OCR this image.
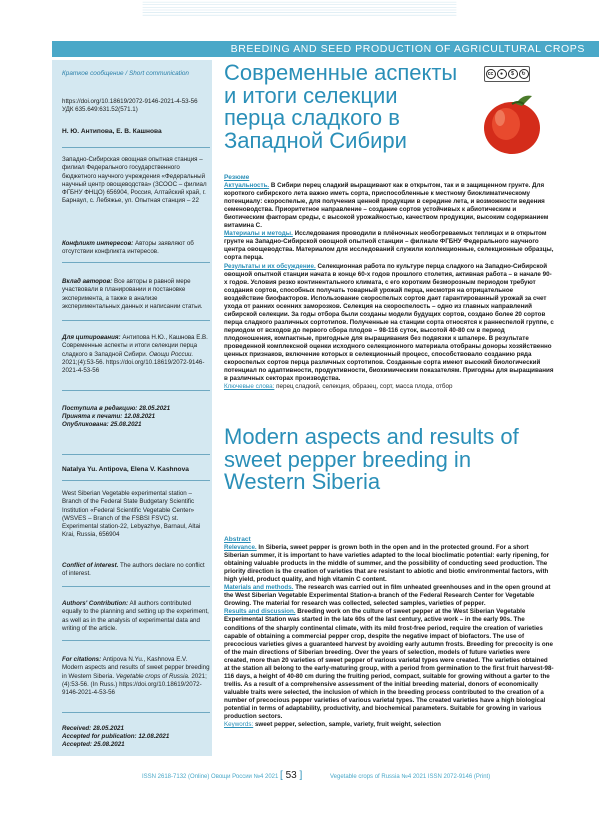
BREEDING AND SEED PRODUCTION OF AGRICULTURAL CROPS
Краткое сообщение / Short communication
https://doi.org/10.18619/2072-9146-2021-4-53-56
УДК 635.649:631.52(571.1)
Н. Ю. Антипова, Е. В. Кашнова
Западно-Сибирская овощная опытная станция – филиал Федерального государственного бюджетного научного учреждения «Федеральный научный центр овощеводства» (ЗСООС – филиал ФГБНУ ФНЦО) 656904, Россия, Алтайский край, г. Барнаул, с. Лебяжье, ул. Опытная станция – 22
Конфликт интересов: Авторы заявляют об отсутствии конфликта интересов.
Вклад авторов: Все авторы в равной мере участвовали в планировании и постановке эксперимента, а также в анализе экспериментальных данных и написании статьи.
Для цитирования: Антипова Н.Ю., Кашнова Е.В. Современные аспекты и итоги селекции перца сладкого в Западной Сибири. Овощи России. 2021;(4):53-56. https://doi.org/10.18619/2072-9146-2021-4-53-56
Поступила в редакцию: 28.05.2021
Принята к печати: 12.08.2021
Опубликована: 25.08.2021
Natalya Yu. Antipova, Elena V. Kashnova
West Siberian Vegetable experimental station – Branch of the Federal State Budgetary Scientific Institution «Federal Scientific Vegetable Center» (WSVES – Branch of the FSBSI FSVC) st. Experimental station-22, Lebyazhye, Barnaul, Altai Krai, Russia, 656904
Conflict of interest. The authors declare no conflict of interest.
Authors' Contribution: All authors contributed equally to the planning and setting up the experiment, as well as in the analysis of experimental data and writing of the article.
For citations: Antipova N.Yu., Kashnova E.V. Modern aspects and results of sweet pepper breeding in Western Siberia. Vegetable crops of Russia. 2021;(4):53-56. (In Russ.) https://doi.org/10.18619/2072-9146-2021-4-53-56
Received: 28.05.2021
Accepted for publication: 12.08.2021
Accepted: 25.08.2021
Современные аспекты и итоги селекции перца сладкого в Западной Сибири
cc	●	$	↻
Резюме
Актуальность. В Сибири перец сладкий выращивают как в открытом, так и в защищенном грунте. Для короткого сибирского лета важно иметь сорта, приспособленные к местному биоклиматическому потенциалу: скороспелые, для получения ценной продукции в середине лета, и возможности ведения семеноводства. Приоритетное направление – создание сортов устойчивых к абиотическим и биотическим факторам среды, с высокой урожайностью, качеством продукции, высоким содержанием витамина С.
Материалы и методы. Исследования проводили в плёночных необогреваемых теплицах и в открытом грунте на Западно-Сибирской овощной опытной станции – филиале ФГБНУ Федерального научного центра овощеводства. Материалом для исследований служили коллекционные, селекционные образцы, сорта перца.
Результаты и их обсуждение. Селекционная работа по культуре перца сладкого на Западно-Сибирской овощной опытной станции начата в конце 60-х годов прошлого столетия, активная работа – в начале 90-х годов. Условия резко континентального климата, с его коротким безморозным периодом требуют создания сортов, способных получать товарный урожай перца, несмотря на отрицательное воздействие биофакторов. Использование скороспелых сортов дает гарантированный урожай за счет ухода от ранних осенних заморозков. Селекция на скороспелость – одно из главных направлений сибирской селекции. За годы отбора были созданы модели будущих сортов, создано более 20 сортов перца сладкого различных сортотипов. Полученные на станции сорта относятся к раннеспелой группе, с периодом от всходов до первого сбора плодов – 98-116 суток, высотой 40-80 см в период плодоношения, компактные, пригодные для выращивания без подвязки к шпалере. В результате проведенной комплексной оценки исходного селекционного материала отобраны доноры хозяйственно ценных признаков, включение которых в селекционный процесс, способствовало созданию ряда скороспелых сортов перца различных сортотипов. Созданные сорта имеют высокий биологический потенциал по адаптивности, продуктивности, биохимическим показателям. Пригодны для выращивания в различных секторах производства.
Ключевые слова: перец сладкий, селекция, образец, сорт, масса плода, отбор
Modern aspects and results of sweet pepper breeding in Western Siberia
Abstract
Relevance. In Siberia, sweet pepper is grown both in the open and in the protected ground. For a short Siberian summer, it is important to have varieties adapted to the local bioclimatic potential: early ripening, for obtaining valuable products in the middle of summer, and the possibility of conducting seed production. The priority direction is the creation of varieties that are resistant to abiotic and biotic environmental factors, with high yield, product quality, and high vitamin C content.
Materials and methods. The research was carried out in film unheated greenhouses and in the open ground at the West Siberian Vegetable Experimental Station-a branch of the Federal Research Center for Vegetable Growing. The material for research was collected, selected samples, varieties of pepper.
Results and discussion. Breeding work on the culture of sweet pepper at the West Siberian Vegetable Experimental Station was started in the late 60s of the last century, active work – in the early 90s. The conditions of the sharply continental climate, with its mild frost-free period, require the creation of varieties capable of obtaining a commercial pepper crop, despite the negative impact of biofactors. The use of precocious varieties gives a guaranteed harvest by avoiding early autumn frosts. Breeding for precocity is one of the main directions of Siberian breeding. Over the years of selection, models of future varieties were created, more than 20 varieties of sweet pepper of various varietal types were created. The varieties obtained at the station all belong to the early-maturing group, with a period from germination to the first fruit harvest-98-116 days, a height of 40-80 cm during the fruiting period, compact, suitable for growing without a garter to the trellis. As a result of a comprehensive assessment of the initial breeding material, donors of economically valuable traits were selected, the inclusion of which in the breeding process contributed to the creation of a number of precocious pepper varieties of various varietal types. The created varieties have a high biological potential in terms of adaptability, productivity, and biochemical parameters. Suitable for growing in various production sectors.
Keywords: sweet pepper, selection, sample, variety, fruit weight, selection
ISSN 2618-7132 (Online) Овощи России №4 2021 [ 53 ]	Vegetable crops of Russia №4 2021 ISSN 2072-9146 (Print)
